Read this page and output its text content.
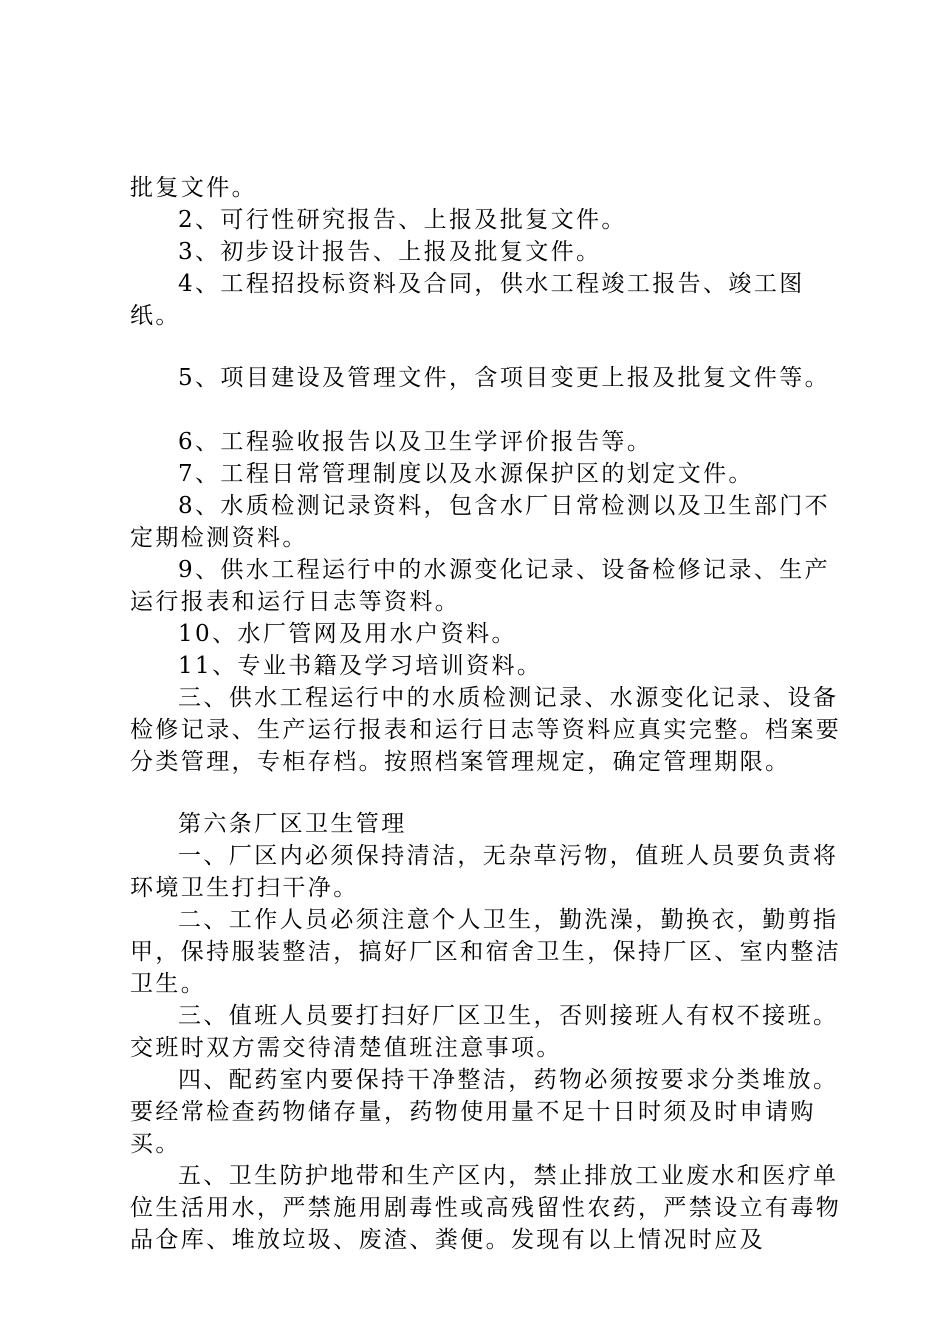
批复文件。

2、可行性研究报告、上报及批复文件。

3、初步设计报告、上报及批复文件。

4、工程招投标资料及合同，供水工程竣工报告、竣工图纸。

5、项目建设及管理文件，含项目变更上报及批复文件等。

6、工程验收报告以及卫生学评价报告等。

7、工程日常管理制度以及水源保护区的划定文件。

8、水质检测记录资料，包含水厂日常检测以及卫生部门不定期检测资料。

9、供水工程运行中的水源变化记录、设备检修记录、生产运行报表和运行日志等资料。

10、水厂管网及用水户资料。

11、专业书籍及学习培训资料。

三、供水工程运行中的水质检测记录、水源变化记录、设备检修记录、生产运行报表和运行日志等资料应真实完整。档案要分类管理，专柜存档。按照档案管理规定，确定管理期限。

第六条厂区卫生管理

一、厂区内必须保持清洁，无杂草污物，值班人员要负责将环境卫生打扫干净。

二、工作人员必须注意个人卫生，勤洗澡，勤换衣，勤剪指甲，保持服装整洁，搞好厂区和宿舍卫生，保持厂区、室内整洁卫生。

三、值班人员要打扫好厂区卫生，否则接班人有权不接班。交班时双方需交待清楚值班注意事项。

四、配药室内要保持干净整洁，药物必须按要求分类堆放。要经常检查药物储存量，药物使用量不足十日时须及时申请购买。

五、卫生防护地带和生产区内，禁止排放工业废水和医疗单位生活用水，严禁施用剧毒性或高残留性农药，严禁设立有毒物品仓库、堆放垃圾、废渣、粪便。发现有以上情况时应及
